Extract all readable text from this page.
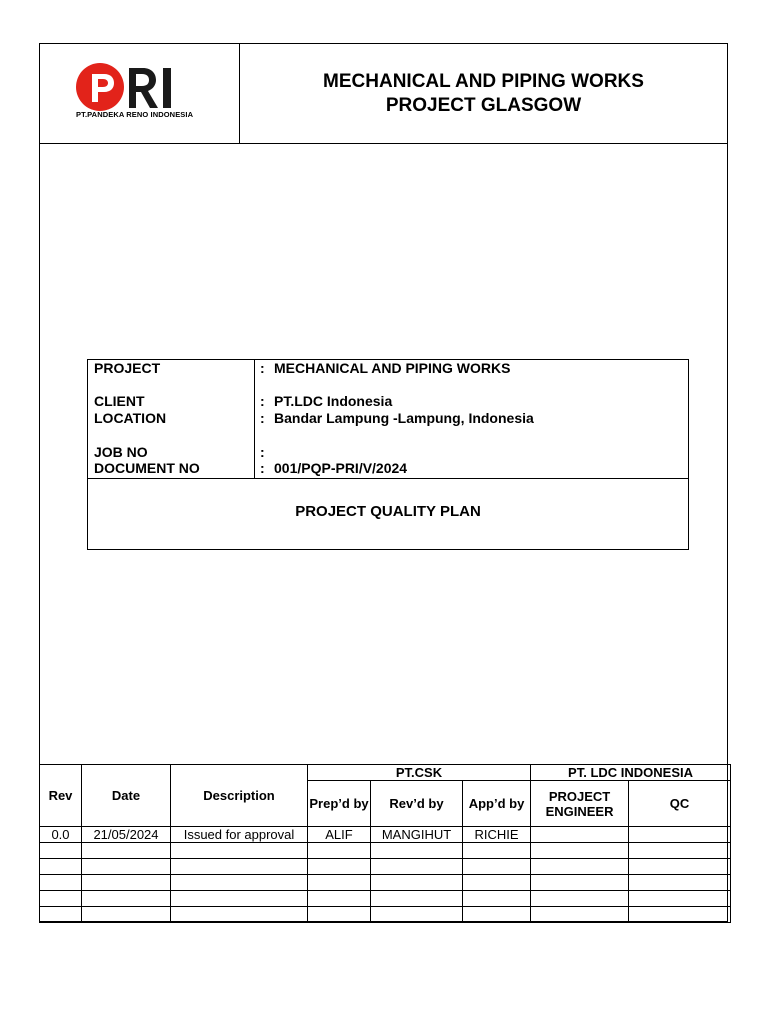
PT.PANDEKA RENO INDONESIA
MECHANICAL AND PIPING WORKS
PROJECT GLASGOW
PROJECT	: MECHANICAL AND PIPING WORKS
CLIENT	: PT.LDC Indonesia
LOCATION	: Bandar Lampung -Lampung, Indonesia
JOB NO	:
DOCUMENT NO	: 001/PQP-PRI/V/2024
PROJECT QUALITY PLAN
Rev	Date	Description	PT.CSK			PT. LDC INDONESIA	
			Prep’d by	Rev’d by	App’d by	PROJECT ENGINEER	QC
0.0	21/05/2024	Issued for approval	ALIF	MANGIHUT	RICHIE		
